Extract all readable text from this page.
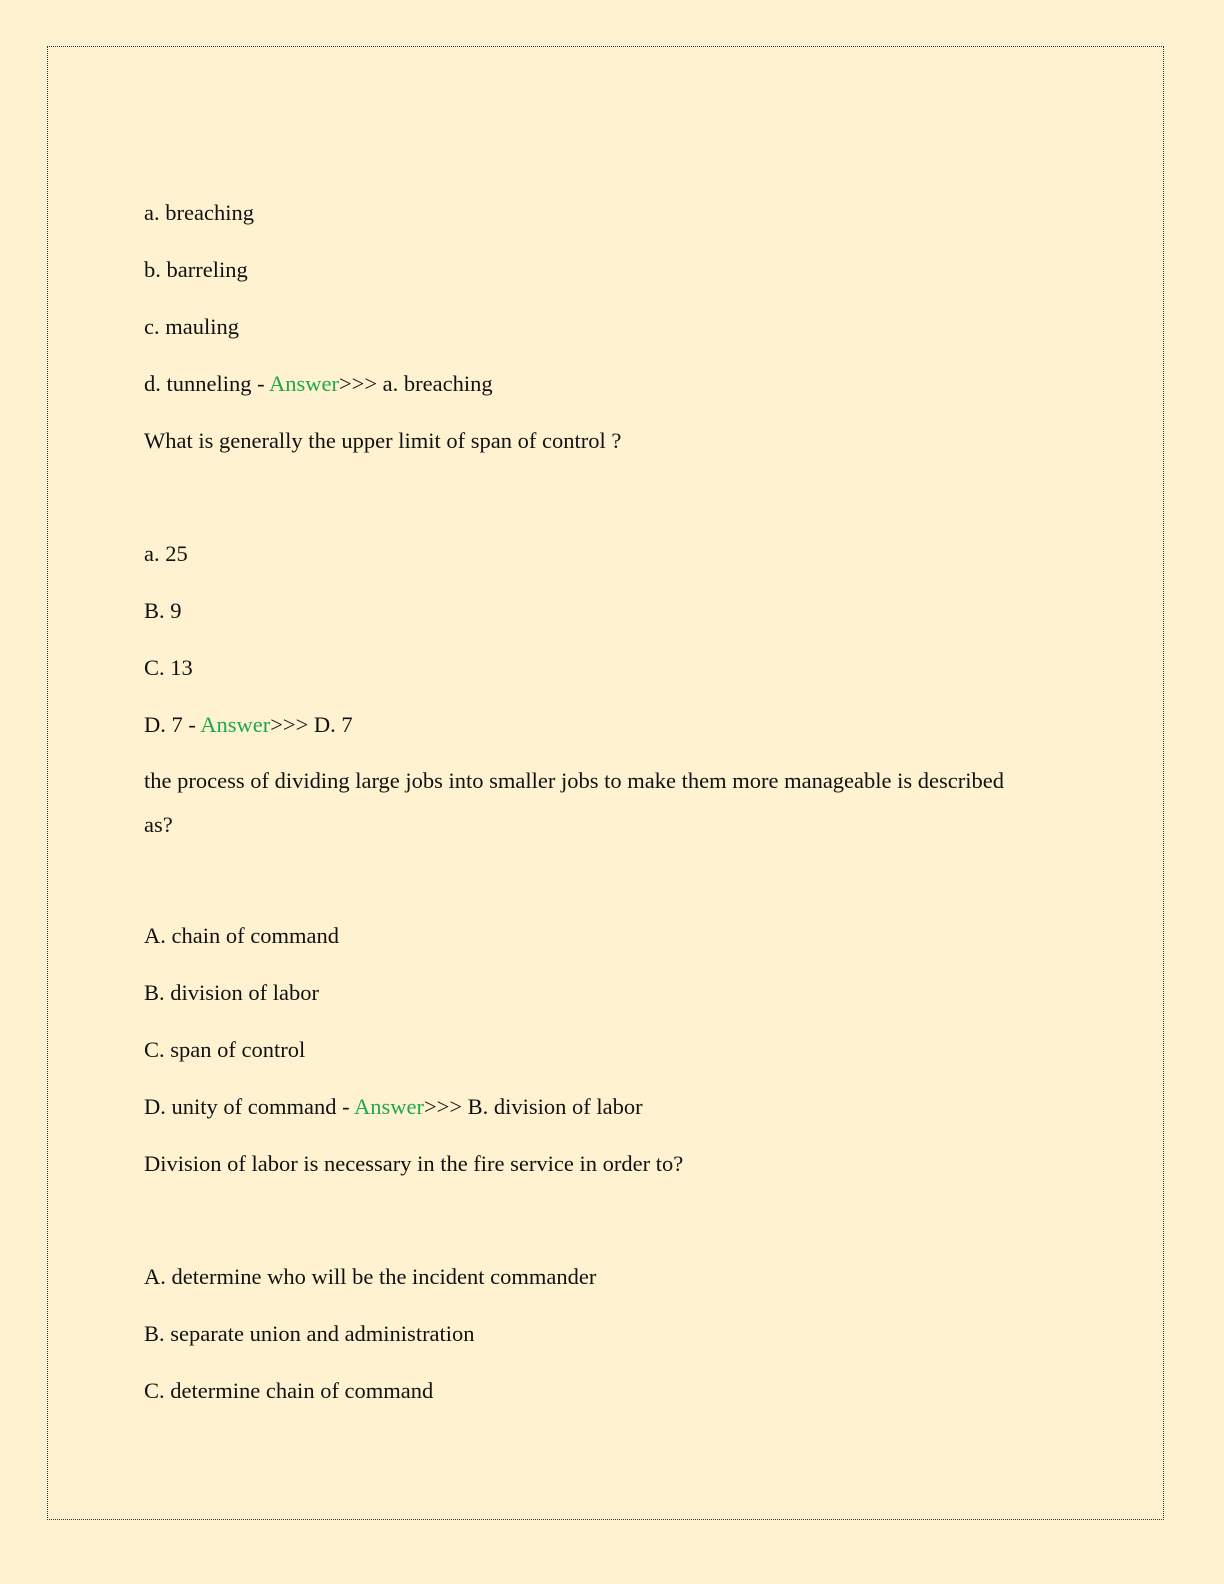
a. breaching

b. barreling

c. mauling

d. tunneling - Answer>>> a. breaching

What is generally the upper limit of span of control ?

a. 25

B. 9

C. 13

D. 7 - Answer>>> D. 7

the process of dividing large jobs into smaller jobs to make them more manageable is described

as?

A. chain of command

B. division of labor

C. span of control

D. unity of command - Answer>>> B. division of labor

Division of labor is necessary in the fire service in order to?

A. determine who will be the incident commander

B. separate union and administration

C. determine chain of command
